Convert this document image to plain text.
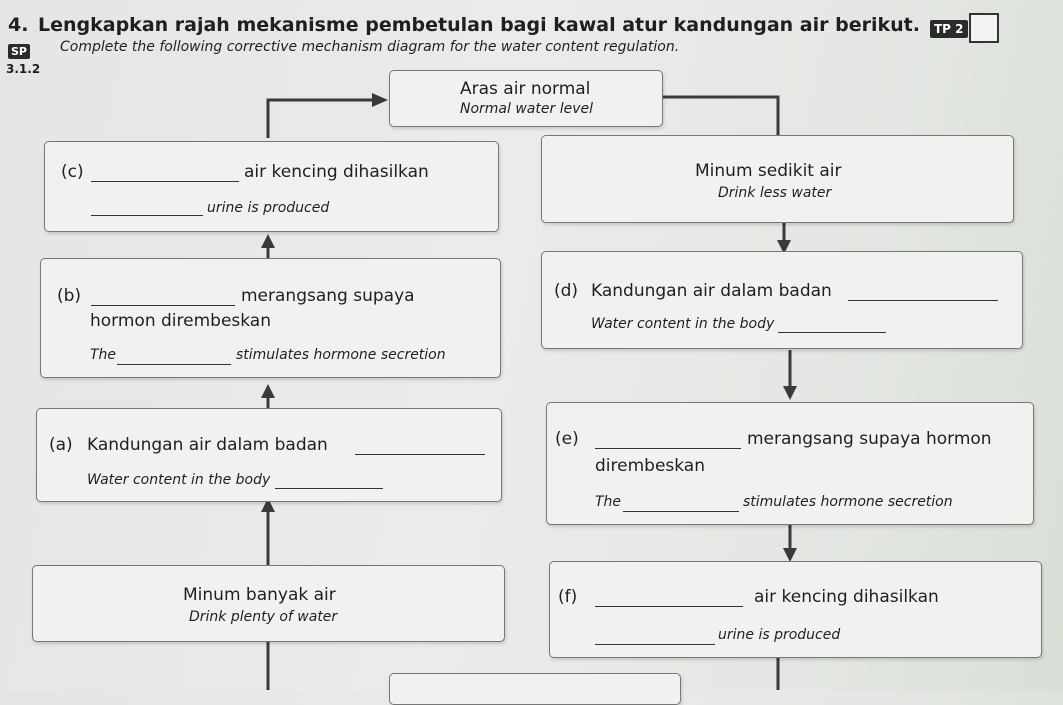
4. Lengkapkan rajah mekanisme pembetulan bagi kawal atur kandungan air berikut.
SP Complete the following corrective mechanism diagram for the water content regulation.
3.1.2
TP 2
Aras air normal
Normal water level
(c)	air kencing dihasilkan
urine is produced
Minum sedikit air
Drink less water
(b)	merangsang supaya
hormon dirembeskan
The	stimulates hormone secretion
(d) Kandungan air dalam badan
Water content in the body
(a) Kandungan air dalam badan
Water content in the body
(e)	merangsang supaya hormon
dirembeskan
The	stimulates hormone secretion
Minum banyak air
Drink plenty of water
(f)	air kencing dihasilkan
urine is produced
